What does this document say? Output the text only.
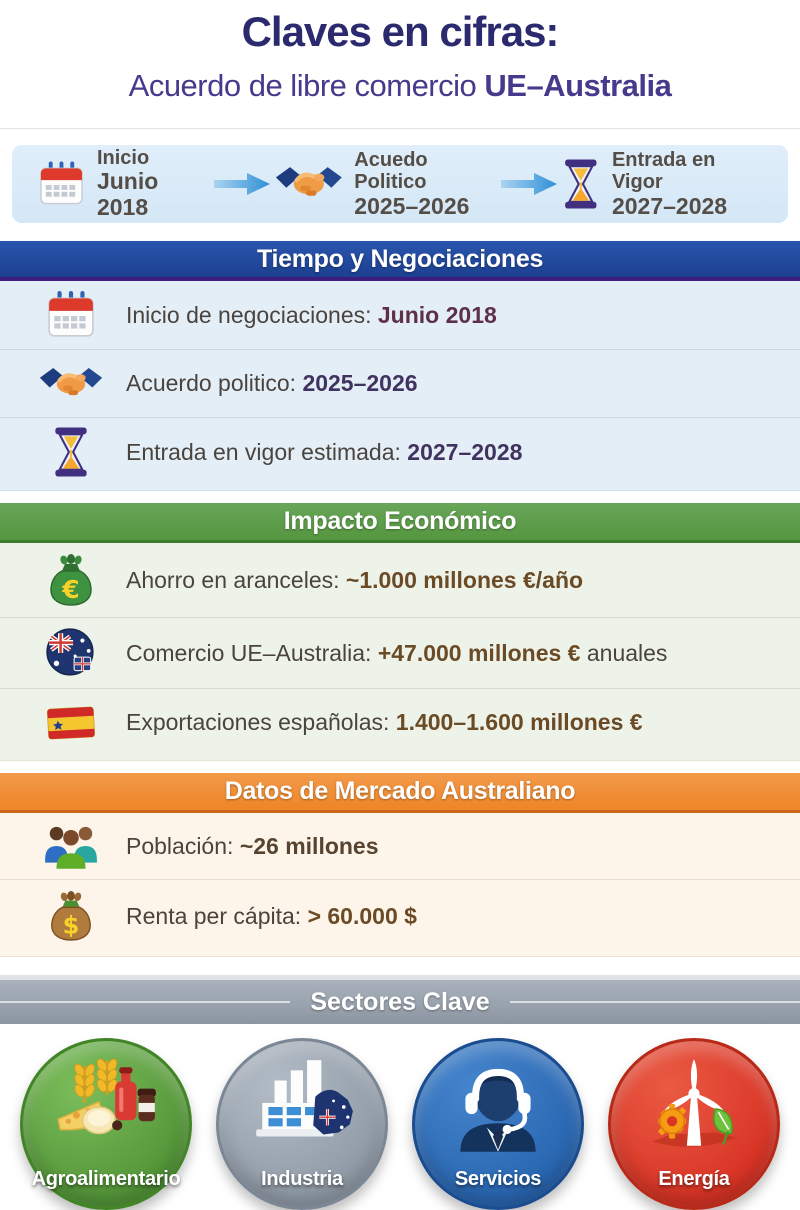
Claves en cifras:
Acuerdo de libre comercio UE–Australia
Inicio
Junio 2018
Acuedo Politico
2025–2026
Entrada en Vigor
2027–2028
Tiempo y Negociaciones
Inicio de negociaciones: Junio 2018
Acuerdo politico: 2025–2026
Entrada en vigor estimada: 2027–2028
Impacto Económico
€ Ahorro en aranceles: ~1.000 millones €/año
Comercio UE–Australia: +47.000 millones € anuales
Exportaciones españolas: 1.400–1.600 millones €
Datos de Mercado Australiano
Población: ~26 millones
$ Renta per cápita: > 60.000 $
Sectores Clave
Agroalimentario	Industria	Servicios	Energía
